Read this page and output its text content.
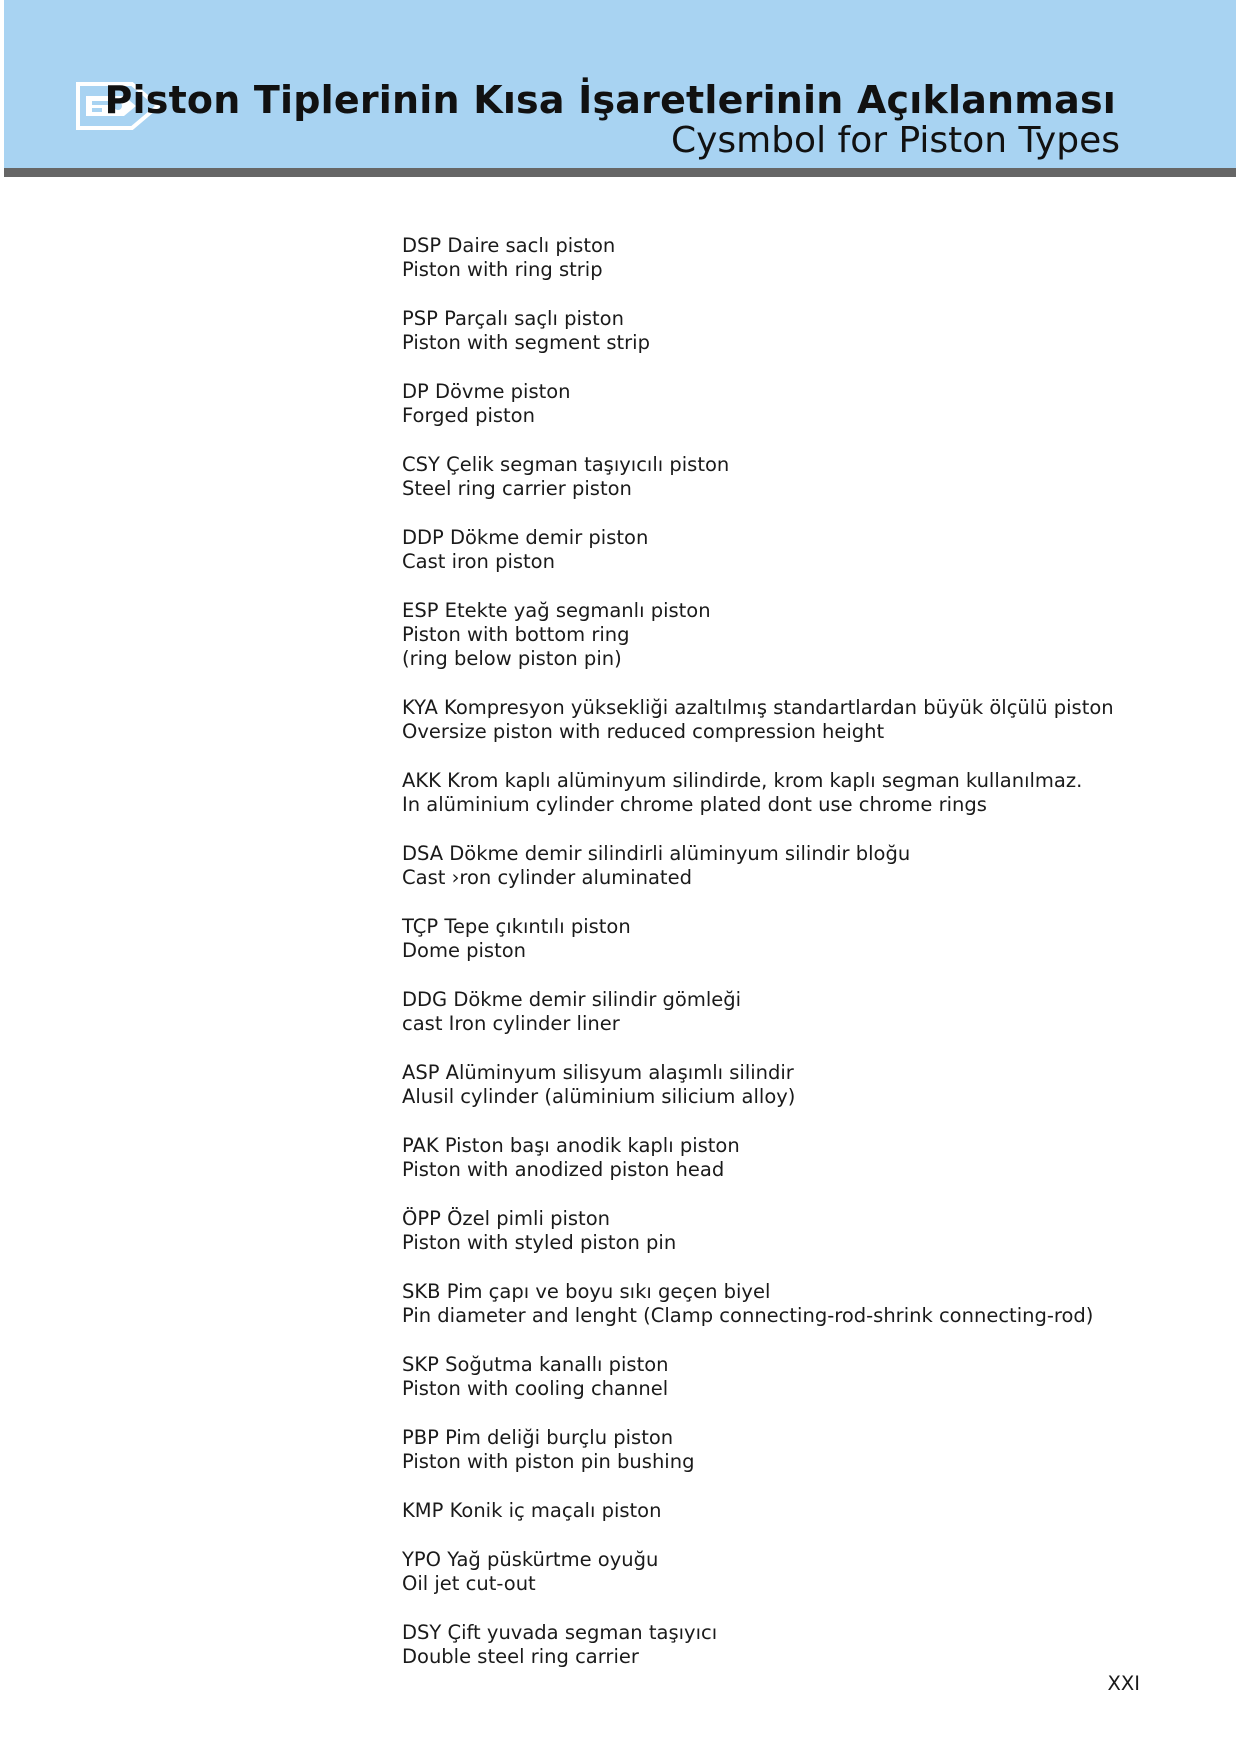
Piston Tiplerinin Kısa İşaretlerinin Açıklanması
Cysmbol for Piston Types
DSP Daire saclı piston
Piston with ring strip
PSP Parçalı saçlı piston
Piston with segment strip
DP Dövme piston
Forged piston
CSY Çelik segman taşıyıcılı piston
Steel ring carrier piston
DDP Dökme demir piston
Cast iron piston
ESP Etekte yağ segmanlı piston
Piston with bottom ring
(ring below piston pin)
KYA Kompresyon yüksekliği azaltılmış standartlardan büyük ölçülü piston
Oversize piston with reduced compression height
AKK Krom kaplı alüminyum silindirde, krom kaplı segman kullanılmaz.
In alüminium cylinder chrome plated dont use chrome rings
DSA Dökme demir silindirli alüminyum silindir bloğu
Cast ›ron cylinder aluminated
TÇP Tepe çıkıntılı piston
Dome piston
DDG Dökme demir silindir gömleği
cast Iron cylinder liner
ASP Alüminyum silisyum alaşımlı silindir
Alusil cylinder (alüminium silicium alloy)
PAK Piston başı anodik kaplı piston
Piston with anodized piston head
ÖPP Özel pimli piston
Piston with styled piston pin
SKB Pim çapı ve boyu sıkı geçen biyel
Pin diameter and lenght (Clamp connecting-rod-shrink connecting-rod)
SKP Soğutma kanallı piston
Piston with cooling channel
PBP Pim deliği burçlu piston
Piston with piston pin bushing
KMP Konik iç maçalı piston
YPO Yağ püskürtme oyuğu
Oil jet cut-out
DSY Çift yuvada segman taşıyıcı
Double steel ring carrier
XXI
